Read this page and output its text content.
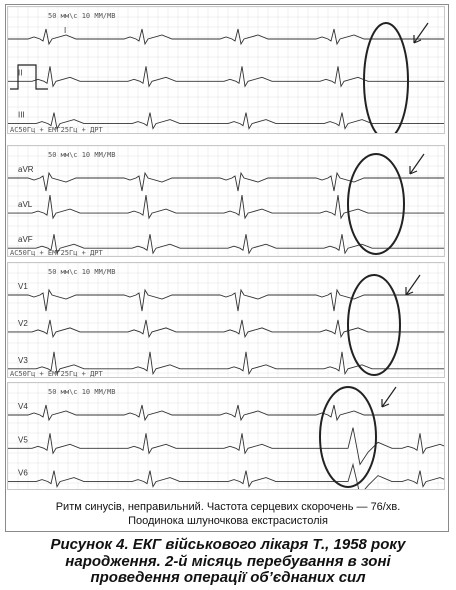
50 мм\с 10 ММ/МВ
АС50Гц + ЕМГ25Гц + ДРТ
I
II
III
50 мм\с 10 ММ/МВ
АС50Гц + ЕМГ25Гц + ДРТ
aVR
aVL
aVF
50 мм\с 10 ММ/МВ
АС50Гц + ЕМГ25Гц + ДРТ
V1
V2
V3
50 мм\с 10 ММ/МВ
V4
V5
V6
Ритм синусів, неправильний. Частота серцевих скорочень — 76/хв.
Поодинока шлуночкова екстрасистолія
Рисунок 4. ЕКГ військового лікаря Т., 1958 року
народження. 2-й місяць перебування в зоні
проведення операції об’єднаних сил
